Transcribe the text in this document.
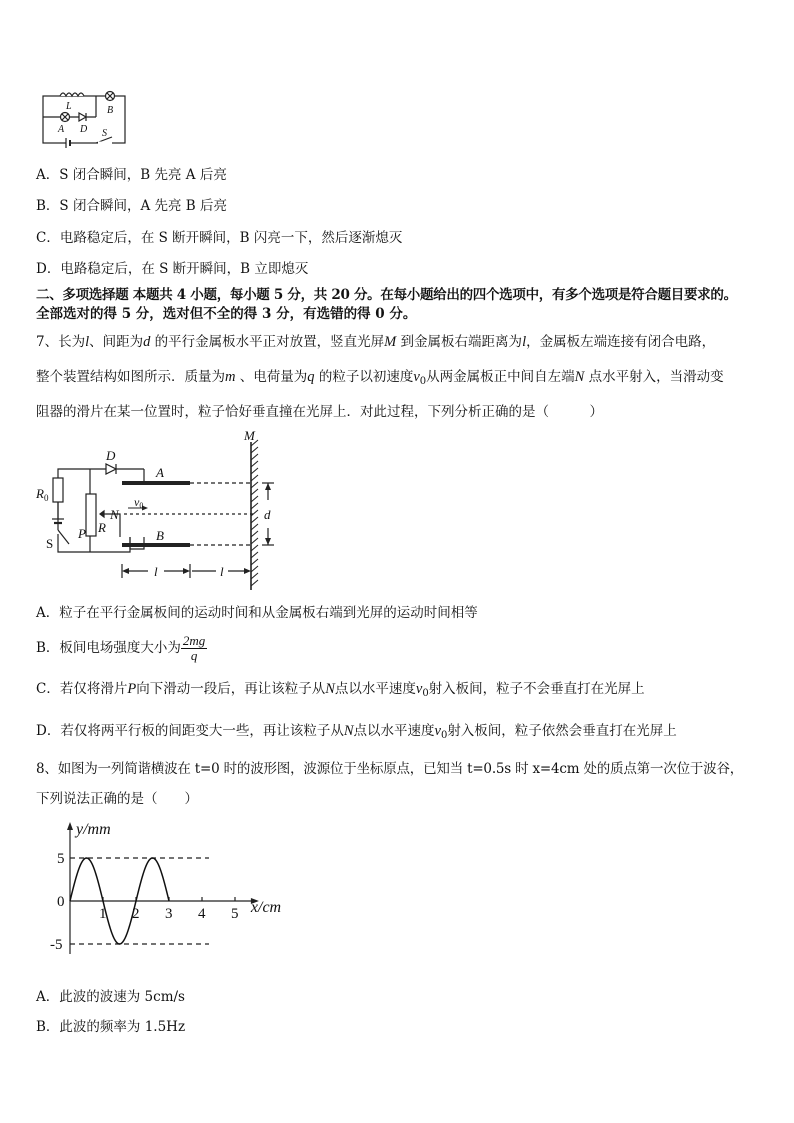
L
A D
B
S
A．S 闭合瞬间，B 先亮 A 后亮
B．S 闭合瞬间，A 先亮 B 后亮
C．电路稳定后，在 S 断开瞬间，B 闪亮一下，然后逐渐熄灭
D．电路稳定后，在 S 断开瞬间，B 立即熄灭
二、多项选择题 本题共 4 小题，每小题 5 分，共 20 分。在每小题给出的四个选项中，有多个选项是符合题目要求的。
全部选对的得 5 分，选对但不全的得 3 分，有选错的得 0 分。
7、长为l、间距为d 的平行金属板水平正对放置，竖直光屏M 到金属板右端距离为l，金属板左端连接有闭合电路，
整个装置结构如图所示．质量为m 、电荷量为q 的粒子以初速度$v_0$从两金属板正中间自左端N 点水平射入，当滑动变
阻器的滑片在某一位置时，粒子恰好垂直撞在光屏上．对此过程，下列分析正确的是（　　　）
D
A
M
$R_0$	v0
N
R
P
d
S
B
l	l
A．粒子在平行金属板间的运动时间和从金属板右端到光屏的运动时间相等
B．板间电场强度大小为 $\frac{2mg}{q}$
C．若仅将滑片P向下滑动一段后，再让该粒子从N点以水平速度$v_0$射入板间，粒子不会垂直打在光屏上
D．若仅将两平行板的间距变大一些，再让该粒子从N点以水平速度$v_0$射入板间，粒子依然会垂直打在光屏上
8、如图为一列简谐横波在 t=0 时的波形图，波源位于坐标原点，已知当 t=0.5s 时 x=4cm 处的质点第一次位于波谷，
下列说法正确的是（　　）
1 2 3 4 5
5
0
-5
x/cm
y/mm
A．此波的波速为 5cm/s
B．此波的频率为 1.5Hz
